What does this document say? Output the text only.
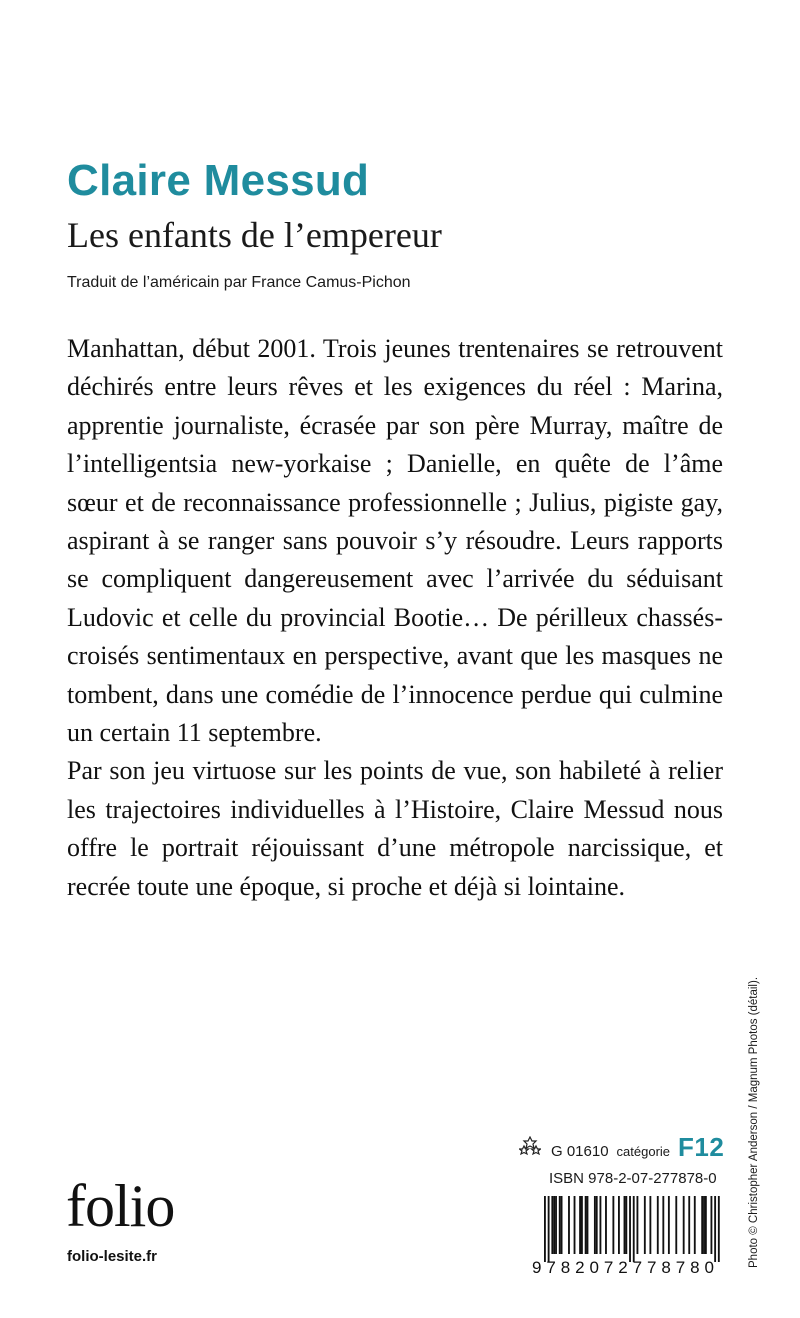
Claire Messud
Les enfants de l’empereur
Traduit de l’américain par France Camus-Pichon

Manhattan, début 2001. Trois jeunes trentenaires se retrouvent déchirés entre leurs rêves et les exigences du réel : Marina, apprentie journaliste, écrasée par son père Murray, maître de l’intelligentsia new-yorkaise ; Danielle, en quête de l’âme sœur et de reconnaissance professionnelle ; Julius, pigiste gay, aspirant à se ranger sans pouvoir s’y résoudre. Leurs rapports se compliquent dangereusement avec l’arrivée du séduisant Ludovic et celle du provincial Bootie… De périlleux chassés-croisés sentimentaux en perspective, avant que les masques ne tombent, dans une comédie de l’innocence perdue qui culmine un certain 11 septembre.

Par son jeu virtuose sur les points de vue, son habileté à relier les trajectoires individuelles à l’Histoire, Claire Messud nous offre le portrait réjouissant d’une métropole narcissique, et recrée toute une époque, si proche et déjà si lointaine.

Photo © Christopher Anderson / Magnum Photos (détail).
G 01610 catégorie F12
ISBN 978-2-07-277878-0
9782072778780
folio
folio-lesite.fr
